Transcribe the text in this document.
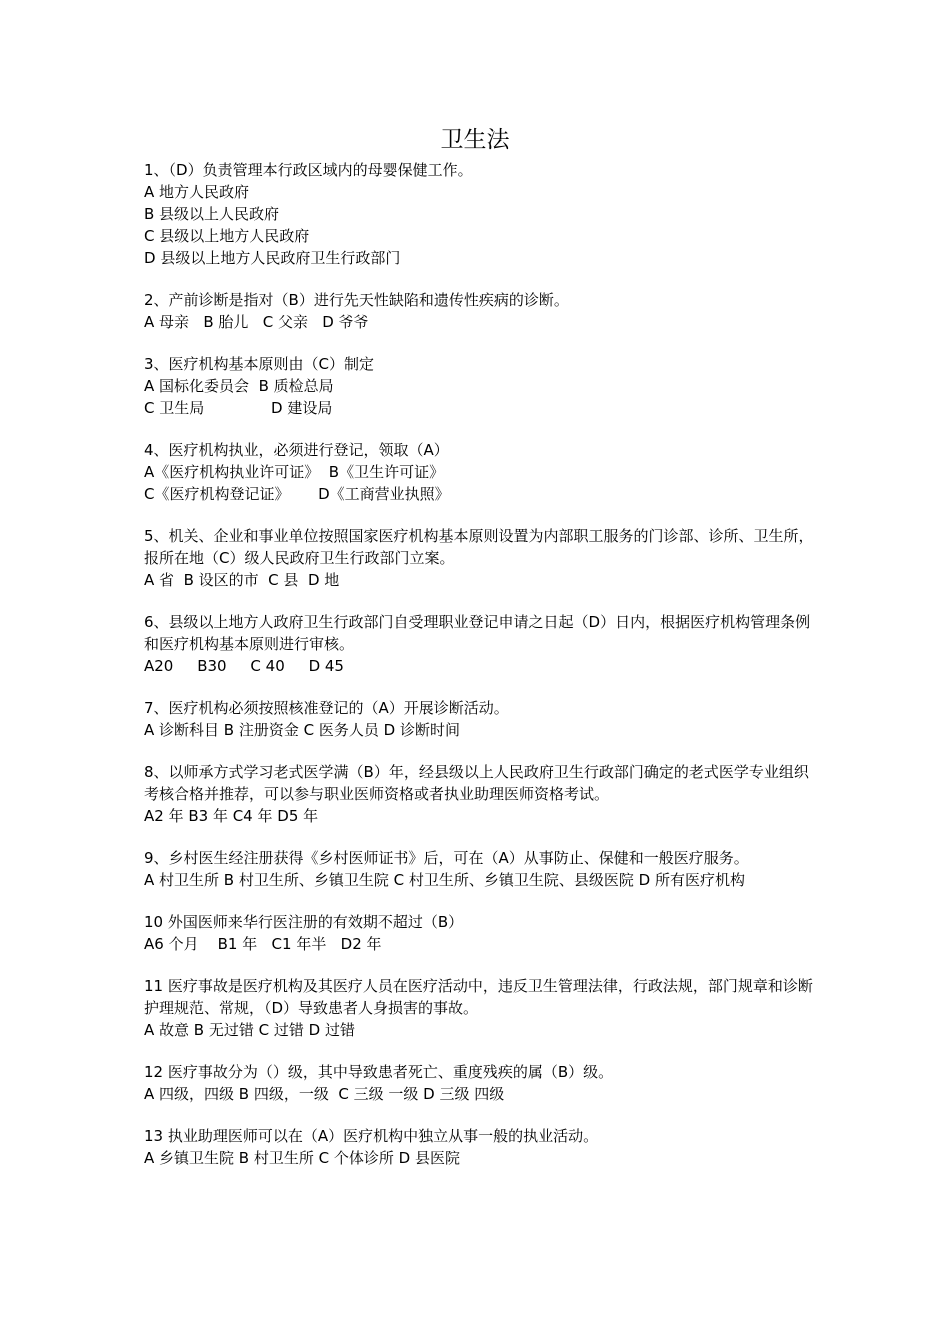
卫生法
1、（D）负责管理本行政区域内的母婴保健工作。
A 地方人民政府
B 县级以上人民政府
C 县级以上地方人民政府
D 县级以上地方人民政府卫生行政部门
2、产前诊断是指对（B）进行先天性缺陷和遗传性疾病的诊断。
A 母亲   B 胎儿   C 父亲   D 爷爷
3、医疗机构基本原则由（C）制定
A 国标化委员会  B 质检总局
C 卫生局              D 建设局
4、医疗机构执业，必须进行登记，领取（A）
A《医疗机构执业许可证》  B《卫生许可证》
C《医疗机构登记证》      D《工商营业执照》
5、机关、企业和事业单位按照国家医疗机构基本原则设置为内部职工服务的门诊部、诊所、卫生所，报所在地（C）级人民政府卫生行政部门立案。
A 省  B 设区的市  C 县  D 地
6、县级以上地方人政府卫生行政部门自受理职业登记申请之日起（D）日内，根据医疗机构管理条例和医疗机构基本原则进行审核。
A20     B30     C 40     D 45
7、医疗机构必须按照核准登记的（A）开展诊断活动。
A 诊断科目 B 注册资金 C 医务人员 D 诊断时间
8、以师承方式学习老式医学满（B）年，经县级以上人民政府卫生行政部门确定的老式医学专业组织考核合格并推荐，可以参与职业医师资格或者执业助理医师资格考试。
A2 年 B3 年 C4 年 D5 年
9、乡村医生经注册获得《乡村医师证书》后，可在（A）从事防止、保健和一般医疗服务。
A 村卫生所 B 村卫生所、乡镇卫生院 C 村卫生所、乡镇卫生院、县级医院 D 所有医疗机构
10 外国医师来华行医注册的有效期不超过（B）
A6 个月    B1 年   C1 年半   D2 年
11 医疗事故是医疗机构及其医疗人员在医疗活动中，违反卫生管理法律，行政法规，部门规章和诊断护理规范、常规，（D）导致患者人身损害的事故。
A 故意 B 无过错 C 过错 D 过错
12 医疗事故分为（）级，其中导致患者死亡、重度残疾的属（B）级。
A 四级，四级 B 四级，一级  C 三级 一级 D 三级 四级
13 执业助理医师可以在（A）医疗机构中独立从事一般的执业活动。
A 乡镇卫生院 B 村卫生所 C 个体诊所 D 县医院
